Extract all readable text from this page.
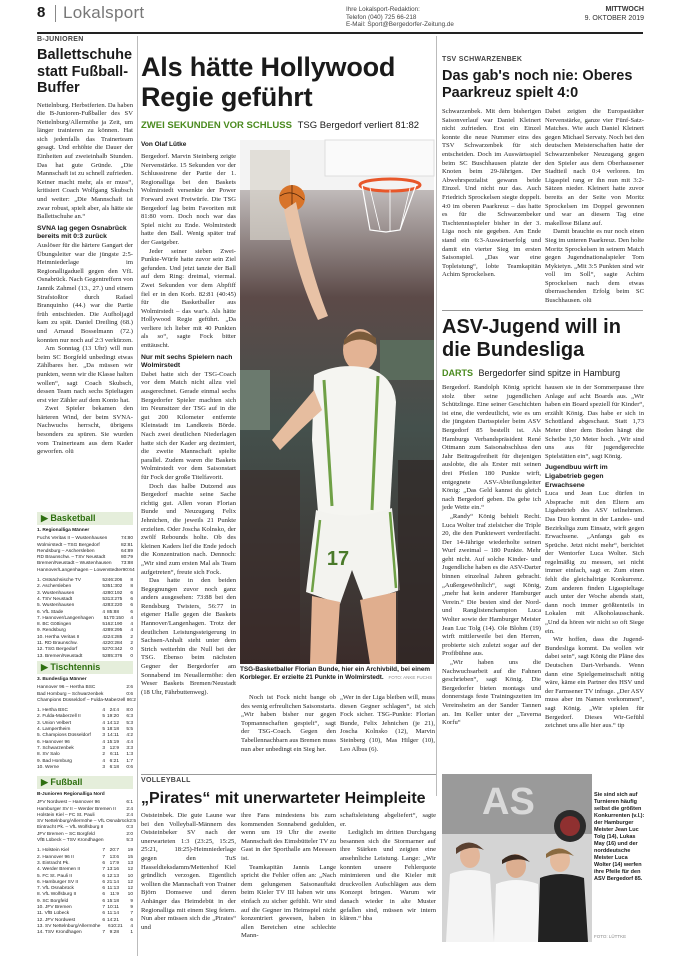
8 Lokalsport	Ihre Lokalsport-Redaktion:
Telefon (040) 725 66-218
E-Mail: Sport@Bergedorfer-Zeitung.de
MITTWOCH
9. OKTOBER 2019
B-JUNIOREN
Ballettschuhe statt Fußball-Buffer
Nettelnburg. Herbstferien. Da haben die B-Junioren-Fußballer des SV Nettelnburg/Allermöhe ja Zeit, um länger trainieren zu können. Hat sich jedenfalls das Trainerteam gesagt. Und erhöhte die Dauer der Einheiten auf zweieinhalb Stunden. Das hat gute Gründe. „Die Mannschaft ist zu schnell zufrieden. Keiner macht mehr, als er muss“, kritisiert Coach Wolfgang Skubsch und weiter: „Die Mannschaft ist zwar robust, spielt aber, als hätte sie Ballettschuhe an.“
SVNA lag gegen Osnabrück bereits mit 0:3 zurück
Auslöser für die härtere Gangart der Übungsleiter war die jüngste 2:5-Heimniederlage im Regionalligaduell gegen den VfL Osnabrück. Nach Gegentreffern von Jannik Zahmel (13., 27.) und einem Strafstoßtor durch Rafael Branquinho (44.) war die Partie früh entschieden. Die Aufholjagd kam zu spät. Daniel Dreiling (68.) und Arnaud Bosselmann (72.) konnten nur noch auf 2:3 verkürzen.
Am Sonntag (13 Uhr) will nun beim SC Borgfeld unbedingt etwas Zählbares her. „Da müssen wir punkten, wenn wir die Klasse halten wollen“, sagt Coach Skubsch, dessen Team nach sechs Spieltagen erst vier Zähler auf dem Konto hat.
Zwei Spieler bekamen den härteren Wind, der beim SVNA-Nachwuchs herrscht, übrigens besonders zu spüren. Sie wurden vom Trainerteam aus dem Kader geworfen. olü
▶ Basketball
1. Regionalliga Männer
Fuchs Veritas II – Wustenhausen	74:80
Wolmirstedt – TSG Bergedorf	82:81
Rendsburg – Aschersleben	64:89
RD Braunschw. – TSV Neustadt	80:79
Bremen/Neustadt – Wustenhausen	73:88
Hannover/Langenhagen – Lowenstedter 90:64
1. Ostsächsische TV	5 246:206	8
2. Aschersleben	5 351:302	8
3. Wustenhausen	4 280:192	6
4. TSV Neustadt	5 313:275	6
5. Wustenhausen	4 283:220	6
6. VfL Stade	4 85:88	6
7. Hannover/Langenhagen	5 170:150	4
8. BC Göttingen	5 162:190	4
9. Rendsburg	4 289:295	4
10. Hertha Veritas II	4 224:285	2
11. RD Braunschw.	4 220:284	2
12. TSG Bergedorf	5 270:342	0
13. Bremen/Neustadt	5 285:376	0
▶ Tischtennis
3. Bundesliga Männer
Hannover 96 – Hertha BSC	2:6
Bad Homburg – Schwarzenbek	0:6
Champions Düsseldorf – Fulda-Maberzell II 6:2
1. Hertha BSC	4 24:4	8:0
2. Fulda-Maberzell II	5 19:20	6:3
3. Union Velbert	4 14:12	5:3
4. Lampertheim	5 18:18	5:5
5. Champions Düsseldorf	3 14:11	4:2
6. Hannover 96	4 15:19	4:4
7. Schwarzenbek	3 12:9	3:3
8. SV Salo	2	6:11	1:3
9. Bad Homburg	4 6:21	1:7
10. Werne	3 6:18	0:6
▶ Fußball
B-Junioren Regionalliga Nord
JFV Nordwest – Hannover 96	6:1
Hamburger SV II – Werder Bremen II	2:4
Holstein Kiel – FC St. Pauli	2:4
SV Nettelnburg/Allermöhe – VfL Osnabrück 2:5
Eintracht Pk. – VfL Wolfsburg II	0:3
JFV Bremen – SC Borgfeld	2:0
VfB Lübeck – TSV Krondhagen	5:3
1. Holstein Kiel	7 20:7	19
2. Hannover 96 II	7 13:6	15
3. Eintracht Pk.	6 17:9	13
4. Werder Bremen II	7 13:16	12
5. FC St. Pauli II	6 12:13	10
6. Hamburger SV II	6 21:14	12
7. VfL Osnabrück	6 11:13	12
8. VfL Wolfsburg II	6	11:9	10
9. SC Borgfeld	6 15:18	9
10. JFV Bremen	7 10:11	9
11. VfB Lübeck	6 11:14	7
12. JFV Nordwest	6 14:21	6
13. SV Nettelnburg/Allermöhe	6 10:21	4
14. TSV Krondhagen	7 9:28	1
Als hätte Hollywood Regie geführt
ZWEI SEKUNDEN VOR SCHLUSS TSG Bergedorf verliert 81:82
Von Olaf Lütke
Bergedorf. Marvin Steinberg zeigte Nervenstärke. 15 Sekunden vor der Schlusssirene der Partie der 1. Regionalliga bei den Baskets Wolmirstedt versenkte der Power Forward zwei Freiwürfe. Die TSG Bergedorf lag beim Favoriten mit 81:80 vorn. Doch noch war das Spiel nicht zu Ende. Wolmirstedt hatte den Ball. Wenig später traf der Gastgeber.
Jeder seiner sieben Zwei-Punkte-Würfe hatte zuvor sein Ziel gefunden. Und jetzt tanzte der Ball auf dem Ring: dreimal, viermal. Zwei Sekunden vor dem Abpfiff fiel er in den Korb. 82:81 (40:45) für die Basketballer aus Wolmirstedt – das war's. Als hätte Hollywood Regie geführt. „Da verliere ich lieber mit 40 Punkten als so“, sagte Fock bitter enttäuscht.
Nur mit sechs Spielern nach Wolmirstedt
Dabei hatte sich der TSG-Coach vor dem Match nicht allzu viel ausgerechnet. Gerade einmal sechs Bergedorfer Spieler machten sich im Neunsitzer der TSG auf in die gut 200 Kilometer entfernte Kleinstadt im Landkreis Börde. Nach zwei deutlichen Niederlagen hatte sich der Kader arg dezimiert, die zweite Mannschaft spielte parallel. Zudem waren die Baskets Wolmirstedt vor dem Saisonstart für Fock der große Titelfavorit.
Doch das halbe Dutzend aus Bergedorf machte seine Sache richtig gut. Allen voran Florian Bunde und Neuzugang Felix Jehnichen, die jeweils 21 Punkte erzielten. Oder Joscha Kolnsko, der zwölf Rebounds holte. Ob des kleinen Kaders lief die Ende jedoch die Konzentration nach. Dennoch: „Wir sind zum ersten Mal als Team aufgetreten“, freute sich Fock.
Das hatte in den beiden Begegnungen zuvor noch ganz anders ausgesehen: 73:88 bei den Rendsburg Twisters, 56:77 in eigener Halle gegen die Baskets Hannover/Langenhagen. Trotz der deutlichen Leistungssteigerung in Sachsen-Anhalt steht unter dem Strich weiterhin die Null bei der TSG. Ebenso beim nächsten Gegner der Bergedorfer am Sonnabend im Neuallermöhe: den Weser Baskets Bremen/Neustadt (18 Uhr, Fährbuttenweg).
17
TSG-Basketballer Florian Bunde, hier ein Archivbild, bei einem Korbleger. Er erzielte 21 Punkte in Wolmirstedt. FOTO: ANKE FUCHS
Noch ist Fock nicht bange ob des wenig erfreulichen Saisonstarts. „Wir haben bisher nur gegen Topmannschaften gespielt“, sagt der TSG-Coach. Gegen den Tabellennachbarn aus Bremen muss nun aber unbedingt ein Sieg her.
„Wer in der Liga bleiben will, muss diesen Gegner schlagen“, ist sich Fock sicher. TSG-Punkte: Florian Bunde, Felix Jehnichen (je 21), Joscha Kolnsko (12), Marvin Steinberg (10), Mas Hilger (10), Leo Albus (6).
TSV SCHWARZENBEK
Das gab's noch nie: Oberes Paarkreuz spielt 4:0
Schwarzenbek. Mit dem bisherigen Saisonverlauf war Daniel Kleinert nicht zufrieden. Erst ein Einzel konnte die neue Nummer eins des TSV Schwarzenbek für sich entscheiden. Doch im Auswärtsspiel beim SC Buschhausen platzte der Knoten beim 29-Jährigen. Der Abwehrspezialist gewann beide Einzel. Und nicht nur das. Auch Friedrich Sprockelsen siegte doppelt. 4:0 im oberen Paarkreuz – das hatte es für die Schwarzenbeker Tischtennisspieler bisher in der 3. Liga noch nie gegeben. Am Ende stand ein 6:3-Auswärtserfolg und damit ein vierter Sieg im ersten Saisonspiel. „Das war eine Topleistung“, lobte Teamkapitän Achim Sprockelsen.
Dabei zeigten die Europastädter Nervenstärke, ganze vier Fünf-Satz-Matches. Wie auch Daniel Kleinert gegen Michael Servaty. Noch bei den deutschen Meisterschaften hatte der Schwarzenbeker Neuzugang gegen den Spieler aus dem Oberhausener Stadtteil nach 0:4 verloren. Im Ligaspiel rang er ihn nun mit 3:2-Sätzen nieder. Kleinert hatte zuvor bereits an der Seite von Moritz Sprockelsen im Doppel gewonnen und war an diesem Tag eine makellose Bilanz auf.
Damit brauchte es nur noch einen Sieg im unteren Paarkreuz. Den holte Moritz Sprockelsen in seinem Match gegen Jugendnationalspieler Tom Mykietyn. „Mit 3:5 Punkten sind wir voll im Soll“, sagte Achim Sprockelsen nach dem etwas überraschenden Erfolg beim SC Buschhausen. olü
ASV-Jugend will in die Bundesliga
DARTS Bergedorfer sind spitze in Hamburg
Bergedorf. Randolph König spricht stolz über seine jugendlichen Schützlinge. Eine seiner Geschichten ist eine, die verdeutlicht, wie es um die jüngsten Dartsspieler beim ASV Bergedorf 85 bestellt ist. Als Hamburgs Verbandspräsident René Ottmann zum Saisonabschluss den Jahr Beitragsfreiheit für diejenigen auslobte, die als Erster mit seinen drei Pfeilen 180 Punkte wirft, entgegnete ASV-Abteilungsleiter König: „Das Geld kannst du gleich nach Bergedorf geben. Da gehe ich jede Wette ein.“
„Randy“ König behielt Recht. Luca Wolter traf zielsicher die Triple 20, die den Punktewert verdreifacht. Der 14-Jährige wiederholte seinen Wurf zweimal – 180 Punkte. Mehr geht nicht. Auf solche Kinder- und Jugendliche haben es die ASV-Darter binnen einzelnal Jahren gebracht. „Außergewöhnlich“, sagt König, „mehr hat kein anderer Hamburger Verein.“ Die besten sind der Nord- und Ranglistenchampion Luca Wolter sowie der Hamburger Meister Jean Luc Tolg (14). Ole Blohm (19) wirft mittlerweile bei den Herren, probierte sich zuletzt sogar auf der Profibühne aus.
„Wir haben uns die Nachwuchsarbeit auf die Fahnen geschrieben“, sagt König. Die Bergedorfer bieten montags und donnerstags feste Trainingszeiten im Vereinsheim an der Sander Tannen an. Im Keller unter der „Taverna Korfu“
hausen sie in der Sommerpause ihre Anlage auf acht Boards aus. „Wir haben ein Board speziell für Kinder“, erzählt König. Das habe er sich in Schottland abgeschaut. Statt 1,73 Meter über dem Boden hängt die Scheibe 1,50 Meter hoch. „Wir sind uns aus für jugendgerechte Spielstätten ein“, sagt König.
Jugendbuu wirft im Ligabetrieb gegen Erwachsene
Luca und Jean Luc dürfen in Absprache mit den Eltern am Ligabetrieb des ASV teilnehmen. Das Duo kommt in der Landes- und Bezirksliga zum Einsatz, wirft gegen Erwachsene. „Anfangs gab es Sprüche. Jetzt nicht mehr“, berichtet der Wentorfer Luca Wolter. Sich regelmäßig zu messen, sei nicht immer einfach, sagt er. Zum einen fehlt die gleichaltrige Konkurrenz. Zum anderen finden Ligaspieltage auch unter der Woche abends statt, dann noch immer größtenteils in Lokalen mit Alkoholausschank. „Und da hören wir nicht so oft Siege ein.
Wir hoffen, dass die Jugend-Bundesliga kommt. Da wollen wir dabei sein“, sagt König die Pläne des Deutschen Dart-Verbands. Wenn dann eine Spielgemeinschaft nötig wäre, käme ein Partner des HSV und der Farmsener TV infrage. „Der ASV muss aber im Namen vorkommen“, sagt König. „Wir spielen für Bergedorf. Dieses Wir-Gefühl zeichnet uns alle hier aus.“ tip
AS	Sie sind sich auf Turnieren häufig selbst die größten Konkurrenten (v.l.): der Hamburger Meister Jean Luc Tolg (14), Lukas May (16) und der norddeutsche Meister Luca Wolter (14) werfen ihre Pfeile für den ASV Bergedorf 85.
FOTO: LÜTTKE
VOLLEYBALL
„Pirates“ mit unerwarteter Heimpleite
Oststeinbek. Die gute Laune war bei den Volleyball-Männern des Oststeinbeker SV nach der unerwarteten 1:3 (23:25, 15:25, 25:21, 18:25)-Heimniederlage gegen den TuS Hasseldieksdamm/Mettenhof Kiel gründlich verzogen. Eigentlich wollten die Mannschaft von Trainer Björn Domsewe und deren Anhänger das Heimdebüt in der Regionalliga mit einem Sieg feiern. Nun aber müssen sich die „Pirates“ und
ihre Fans mindestens bis zum kommenden Sonnabend gedulden, wenn um 19 Uhr die zweite Mannschaft des Eimsbütteler TV zu Gast in der Sporthalle am Meessen ist.
Teamkapitän Jannis Lange spricht die Fehler offen an: „Nach dem gelungenen Saisonauftakt beim Kieler TV III haben wir uns einfach zu sicher gefühlt. Wir sind auf die Gegner im Heimspiel nicht konzentriert gewesen, haben in allen Bereichen eine schlechte Mann-
schaftsleistung abgeliefert“, sagte er.
Lediglich im dritten Durchgang besannen sich die Stormarner auf ihre Stärken und zeigten eine ansehnliche Leistung. Lange: „Wir konnten unsere Fehlerquote minimieren und die Kieler mit druckvollen Aufschlägen aus dem Konzept bringen. Warum wir danach wieder in alte Muster gefallen sind, müssen wir intern klären.“ hba
